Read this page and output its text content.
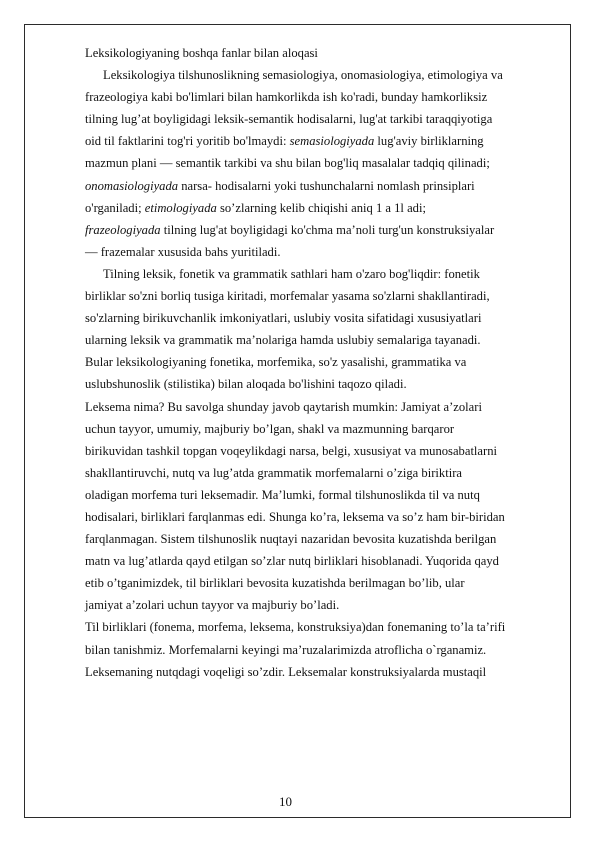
Leksikologiyaning boshqa fanlar bilan aloqasi
Leksikologiya tilshunoslikning semasiologiya, onomasiologiya, etimologiya va
frazeologiya kabi bo'limlari bilan hamkorlikda ish ko'radi, bunday hamkorliksiz
tilning lug’at boyligidagi leksik-semantik hodisalarni, lug'at tarkibi taraqqiyotiga
oid til faktlarini tog'ri yoritib bo'lmaydi: semasiologiyada lug'aviy birliklarning
mazmun plani — semantik tarkibi va shu bilan bog'liq masalalar tadqiq qilinadi;
onomasiologiyada narsa- hodisalarni yoki tushunchalarni nomlash prinsiplari
o'rganiladi; etimologiyada so’zlarning kelib chiqishi aniq 1 a 1l adi;
frazeologiyada tilning lug'at boyligidagi ko'chma ma’noli turg'un konstruksiyalar
— frazemalar xususida bahs yuritiladi.
Tilning leksik, fonetik va grammatik sathlari ham o'zaro bog'liqdir: fonetik
birliklar so'zni borliq tusiga kiritadi, morfemalar yasama so'zlarni shakllantiradi,
so'zlarning birikuvchanlik imkoniyatlari, uslubiy vosita sifatidagi xususiyatlari
ularning leksik va grammatik ma’nolariga hamda uslubiy semalariga tayanadi.
Bular leksikologiyaning fonetika, morfemika, so'z yasalishi, grammatika va
uslubshunoslik (stilistika) bilan aloqada bo'lishini taqozo qiladi.
Leksema nima? Bu savolga shunday javob qaytarish mumkin: Jamiyat a’zolari
uchun tayyor, umumiy, majburiy bo’lgan, shakl va mazmunning barqaror
birikuvidan tashkil topgan voqeylikdagi narsa, belgi, xususiyat va munosabatlarni
shakllantiruvchi, nutq va lug’atda grammatik morfemalarni o’ziga biriktira
oladigan morfema turi leksemadir. Ma’lumki, formal tilshunoslikda til va nutq
hodisalari, birliklari farqlanmas edi. Shunga ko’ra, leksema va so’z ham bir-biridan
farqlanmagan. Sistem tilshunoslik nuqtayi nazaridan bevosita kuzatishda berilgan
matn va lug’atlarda qayd etilgan so’zlar nutq birliklari hisoblanadi. Yuqorida qayd
etib o’tganimizdek, til birliklari bevosita kuzatishda berilmagan bo’lib, ular
jamiyat a’zolari uchun tayyor va majburiy bo’ladi.
Til birliklari (fonema, morfema, leksema, konstruksiya)dan fonemaning to’la ta’rifi
bilan tanishmiz. Morfemalarni keyingi ma’ruzalarimizda atroflicha o`rganamiz.
Leksemaning nutqdagi voqeligi so’zdir. Leksemalar konstruksiyalarda mustaqil
10
